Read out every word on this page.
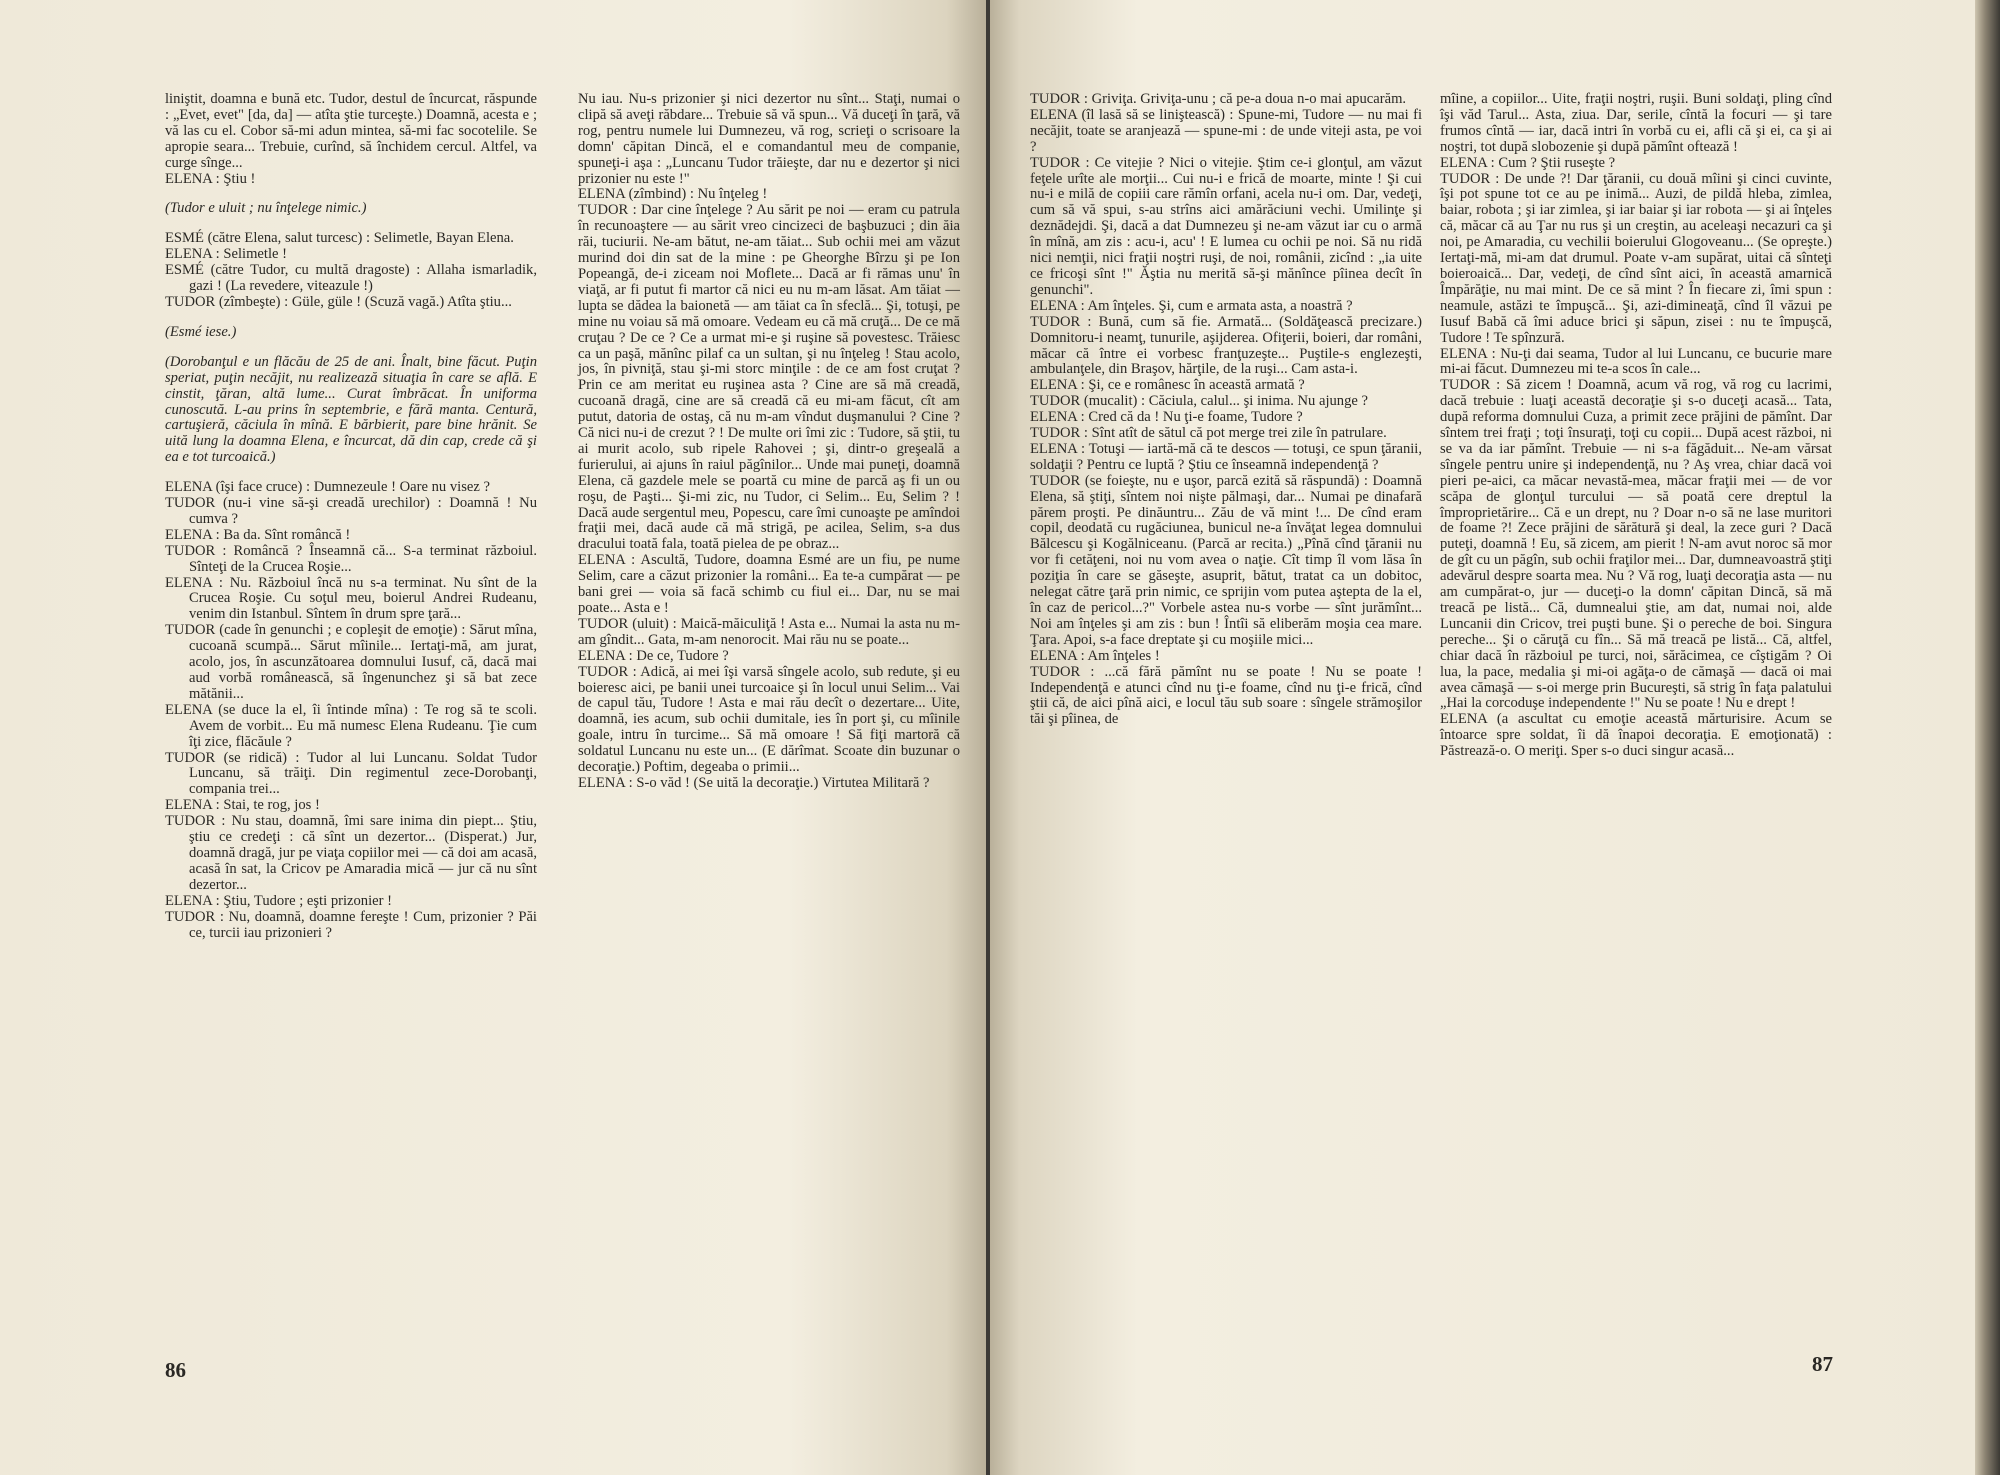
liniştit, doamna e bună etc. Tudor, destul de încurcat, răspunde : „Evet, evet" [da, da] — atîta ştie turceşte.) Doamnă, acesta e ; vă las cu el. Cobor să-mi adun mintea, să-mi fac socotelile. Se apropie seara... Trebuie, curînd, să închidem cercul. Altfel, va curge sînge...

ELENA : Ştiu !

(Tudor e uluit ; nu înţelege nimic.)

ESMÉ (către Elena, salut turcesc) : Selimetle, Bayan Elena.

ELENA : Selimetle !

ESMÉ (către Tudor, cu multă dragoste) : Allaha ismarladik, gazi ! (La revedere, viteazule !)

TUDOR (zîmbeşte) : Güle, güle ! (Scuză vagă.) Atîta ştiu...

(Esmé iese.)

(Dorobanţul e un flăcău de 25 de ani. Înalt, bine făcut. Puţin speriat, puţin necăjit, nu realizează situaţia în care se află. E cinstit, ţăran, altă lume... Curat îmbrăcat. În uniforma cunoscută. L-au prins în septembrie, e fără manta. Centură, cartuşieră, căciula în mînă. E bărbierit, pare bine hrănit. Se uită lung la doamna Elena, e încurcat, dă din cap, crede că şi ea e tot turcoaică.)

ELENA (îşi face cruce) : Dumnezeule ! Oare nu visez ?

TUDOR (nu-i vine să-şi creadă urechilor) : Doamnă ! Nu cumva ?

ELENA : Ba da. Sînt româncă !

TUDOR : Româncă ? Înseamnă că... S-a terminat războiul. Sînteţi de la Crucea Roşie...

ELENA : Nu. Războiul încă nu s-a terminat. Nu sînt de la Crucea Roşie. Cu soţul meu, boierul Andrei Rudeanu, venim din Istanbul. Sîntem în drum spre ţară...

TUDOR (cade în genunchi ; e copleşit de emoţie) : Sărut mîna, cucoană scumpă... Sărut mîinile... Iertaţi-mă, am jurat, acolo, jos, în ascunzătoarea domnului Iusuf, că, dacă mai aud vorbă românească, să îngenunchez şi să bat zece mătănii...

ELENA (se duce la el, îi întinde mîna) : Te rog să te scoli. Avem de vorbit... Eu mă numesc Elena Rudeanu. Ţie cum îţi zice, flăcăule ?

TUDOR (se ridică) : Tudor al lui Luncanu. Soldat Tudor Luncanu, să trăiţi. Din regimentul zece-Dorobanţi, compania trei...

ELENA : Stai, te rog, jos !

TUDOR : Nu stau, doamnă, îmi sare inima din piept... Ştiu, ştiu ce credeţi : că sînt un dezertor... (Disperat.) Jur, doamnă dragă, jur pe viaţa copiilor mei — că doi am acasă, acasă în sat, la Cricov pe Amaradia mică — jur că nu sînt dezertor...

ELENA : Ştiu, Tudore ; eşti prizonier !

TUDOR : Nu, doamnă, doamne fereşte ! Cum, prizonier ? Păi ce, turcii iau prizonieri ?

Nu iau. Nu-s prizonier şi nici dezertor nu sînt... Staţi, numai o clipă să aveţi răbdare... Trebuie să vă spun... Vă duceţi în ţară, vă rog, pentru numele lui Dumnezeu, vă rog, scrieţi o scrisoare la domn' căpitan Dincă, el e comandantul meu de companie, spuneţi-i aşa : „Luncanu Tudor trăieşte, dar nu e dezertor şi nici prizonier nu este !"

ELENA (zîmbind) : Nu înţeleg !

TUDOR : Dar cine înţelege ? Au sărit pe noi — eram cu patrula în recunoaştere — au sărit vreo cincizeci de başbuzuci ; din ăia răi, tuciurii. Ne-am bătut, ne-am tăiat... Sub ochii mei am văzut murind doi din sat de la mine : pe Gheorghe Bîrzu şi pe Ion Popeangă, de-i ziceam noi Moflete... Dacă ar fi rămas unu' în viaţă, ar fi putut fi martor că nici eu nu m-am lăsat. Am tăiat — lupta se dădea la baionetă — am tăiat ca în sfeclă... Şi, totuşi, pe mine nu voiau să mă omoare. Vedeam eu că mă cruţă... De ce mă cruţau ? De ce ? Ce a urmat mi-e şi ruşine să povestesc. Trăiesc ca un paşă, mănînc pilaf ca un sultan, şi nu înţeleg ! Stau acolo, jos, în pivniţă, stau şi-mi storc minţile : de ce am fost cruţat ? Prin ce am meritat eu ruşinea asta ? Cine are să mă creadă, cucoană dragă, cine are să creadă că eu mi-am făcut, cît am putut, datoria de ostaş, că nu m-am vîndut duşmanului ? Cine ? Că nici nu-i de crezut ? ! De multe ori îmi zic : Tudore, să ştii, tu ai murit acolo, sub ripele Rahovei ; şi, dintr-o greşeală a furierului, ai ajuns în raiul păgînilor... Unde mai puneţi, doamnă Elena, că gazdele mele se poartă cu mine de parcă aş fi un ou roşu, de Paşti... Şi-mi zic, nu Tudor, ci Selim... Eu, Selim ? ! Dacă aude sergentul meu, Popescu, care îmi cunoaşte pe amîndoi fraţii mei, dacă aude că mă strigă, pe acilea, Selim, s-a dus dracului toată fala, toată pielea de pe obraz...

ELENA : Ascultă, Tudore, doamna Esmé are un fiu, pe nume Selim, care a căzut prizonier la români... Ea te-a cumpărat — pe bani grei — voia să facă schimb cu fiul ei... Dar, nu se mai poate... Asta e !

TUDOR (uluit) : Maică-măiculiţă ! Asta e... Numai la asta nu m-am gîndit... Gata, m-am nenorocit. Mai rău nu se poate...

ELENA : De ce, Tudore ?

TUDOR : Adică, ai mei îşi varsă sîngele acolo, sub redute, şi eu boieresc aici, pe banii unei turcoaice şi în locul unui Selim... Vai de capul tău, Tudore ! Asta e mai rău decît o dezertare... Uite, doamnă, ies acum, sub ochii dumitale, ies în port şi, cu mîinile goale, intru în turcime... Să mă omoare ! Să fiţi martoră că soldatul Luncanu nu este un... (E dărîmat. Scoate din buzunar o decoraţie.) Poftim, degeaba o primii...

ELENA : S-o văd ! (Se uită la decoraţie.) Virtutea Militară ?

86

TUDOR : Griviţa. Griviţa-unu ; că pe-a doua n-o mai apucarăm.

ELENA (îl lasă să se liniştească) : Spune-mi, Tudore — nu mai fi necăjit, toate se aranjează — spune-mi : de unde viteji asta, pe voi ?

TUDOR : Ce vitejie ? Nici o vitejie. Ştim ce-i glonţul, am văzut feţele urîte ale morţii... Cui nu-i e frică de moarte, minte ! Şi cui nu-i e milă de copiii care rămîn orfani, acela nu-i om. Dar, vedeţi, cum să vă spui, s-au strîns aici amărăciuni vechi. Umilinţe şi deznădejdi. Şi, dacă a dat Dumnezeu şi ne-am văzut iar cu o armă în mînă, am zis : acu-i, acu' ! E lumea cu ochii pe noi. Să nu ridă nici nemţii, nici fraţii noştri ruşi, de noi, românii, zicînd : „ia uite ce fricoşi sînt !" Ăştia nu merită să-şi mănînce pîinea decît în genunchi".

ELENA : Am înţeles. Şi, cum e armata asta, a noastră ?

TUDOR : Bună, cum să fie. Armată... (Soldăţească precizare.) Domnitoru-i neamţ, tunurile, aşijderea. Ofiţerii, boieri, dar români, măcar că între ei vorbesc franţuzeşte... Puştile-s englezeşti, ambulanţele, din Braşov, hărţile, de la ruşi... Cam asta-i.

ELENA : Şi, ce e românesc în această armată ?

TUDOR (mucalit) : Căciula, calul... şi inima. Nu ajunge ?

ELENA : Cred că da ! Nu ţi-e foame, Tudore ?

TUDOR : Sînt atît de sătul că pot merge trei zile în patrulare.

ELENA : Totuşi — iartă-mă că te descos — totuşi, ce spun ţăranii, soldaţii ? Pentru ce luptă ? Ştiu ce înseamnă independenţă ?

TUDOR (se foieşte, nu e uşor, parcă ezită să răspundă) : Doamnă Elena, să ştiţi, sîntem noi nişte pălmaşi, dar... Numai pe dinafară părem proşti. Pe dinăuntru... Zău de vă mint !... De cînd eram copil, deodată cu rugăciunea, bunicul ne-a învăţat legea domnului Bălcescu şi Kogălniceanu. (Parcă ar recita.) „Pînă cînd ţăranii nu vor fi cetăţeni, noi nu vom avea o naţie. Cît timp îl vom lăsa în poziţia în care se găseşte, asuprit, bătut, tratat ca un dobitoc, nelegat către ţară prin nimic, ce sprijin vom putea aştepta de la el, în caz de pericol...?" Vorbele astea nu-s vorbe — sînt jurămînt... Noi am înţeles şi am zis : bun ! Întîi să eliberăm moşia cea mare. Ţara. Apoi, s-a face dreptate şi cu moşiile mici...

ELENA : Am înţeles !

TUDOR : ...că fără pămînt nu se poate ! Nu se poate ! Independenţă e atunci cînd nu ţi-e foame, cînd nu ţi-e frică, cînd ştii că, de aici pînă aici, e locul tău sub soare : sîngele strămoşilor tăi şi pîinea, de

mîine, a copiilor... Uite, fraţii noştri, ruşii. Buni soldaţi, pling cînd îşi văd Tarul... Asta, ziua. Dar, serile, cîntă la focuri — şi tare frumos cîntă — iar, dacă intri în vorbă cu ei, afli că şi ei, ca şi ai noştri, tot după slobozenie şi după pămînt oftează !

ELENA : Cum ? Ştii ruseşte ?

TUDOR : De unde ?! Dar ţăranii, cu două mîini şi cinci cuvinte, îşi pot spune tot ce au pe inimă... Auzi, de pildă hleba, zimlea, baiar, robota ; şi iar zimlea, şi iar baiar şi iar robota — şi ai înţeles că, măcar că au Ţar nu rus şi un creştin, au aceleaşi necazuri ca şi noi, pe Amaradia, cu vechilii boierului Glogoveanu... (Se opreşte.) Iertaţi-mă, mi-am dat drumul. Poate v-am supărat, uitai că sînteţi boieroaică... Dar, vedeţi, de cînd sînt aici, în această amarnică Împărăţie, nu mai mint. De ce să mint ? În fiecare zi, îmi spun : neamule, astăzi te împuşcă... Şi, azi-dimineaţă, cînd îl văzui pe Iusuf Babă că îmi aduce brici şi săpun, zisei : nu te împuşcă, Tudore ! Te spînzură.

ELENA : Nu-ţi dai seama, Tudor al lui Luncanu, ce bucurie mare mi-ai făcut. Dumnezeu mi te-a scos în cale...

TUDOR : Să zicem ! Doamnă, acum vă rog, vă rog cu lacrimi, dacă trebuie : luaţi această decoraţie şi s-o duceţi acasă... Tata, după reforma domnului Cuza, a primit zece prăjini de pămînt. Dar sîntem trei fraţi ; toţi însuraţi, toţi cu copii... După acest război, ni se va da iar pămînt. Trebuie — ni s-a făgăduit... Ne-am vărsat sîngele pentru unire şi independenţă, nu ? Aş vrea, chiar dacă voi pieri pe-aici, ca măcar nevastă-mea, măcar fraţii mei — de vor scăpa de glonţul turcului — să poată cere dreptul la împroprietărire... Că e un drept, nu ? Doar n-o să ne lase muritori de foame ?! Zece prăjini de sărătură şi deal, la zece guri ? Dacă puteţi, doamnă ! Eu, să zicem, am pierit ! N-am avut noroc să mor de gît cu un păgîn, sub ochii fraţilor mei... Dar, dumneavoastră ştiţi adevărul despre soarta mea. Nu ? Vă rog, luaţi decoraţia asta — nu am cumpărat-o, jur — duceţi-o la domn' căpitan Dincă, să mă treacă pe listă... Că, dumnealui ştie, am dat, numai noi, alde Luncanii din Cricov, trei puşti bune. Şi o pereche de boi. Singura pereche... Şi o căruţă cu fîn... Să mă treacă pe listă... Că, altfel, chiar dacă în războiul pe turci, noi, sărăcimea, ce cîştigăm ? Oi lua, la pace, medalia şi mi-oi agăţa-o de cămaşă — dacă oi mai avea cămaşă — s-oi merge prin Bucureşti, să strig în faţa palatului „Hai la corcoduşe independente !" Nu se poate ! Nu e drept !

ELENA (a ascultat cu emoţie această mărturisire. Acum se întoarce spre soldat, îi dă înapoi decoraţia. E emoţionată) : Păstrează-o. O meriţi. Sper s-o duci singur acasă...

87
